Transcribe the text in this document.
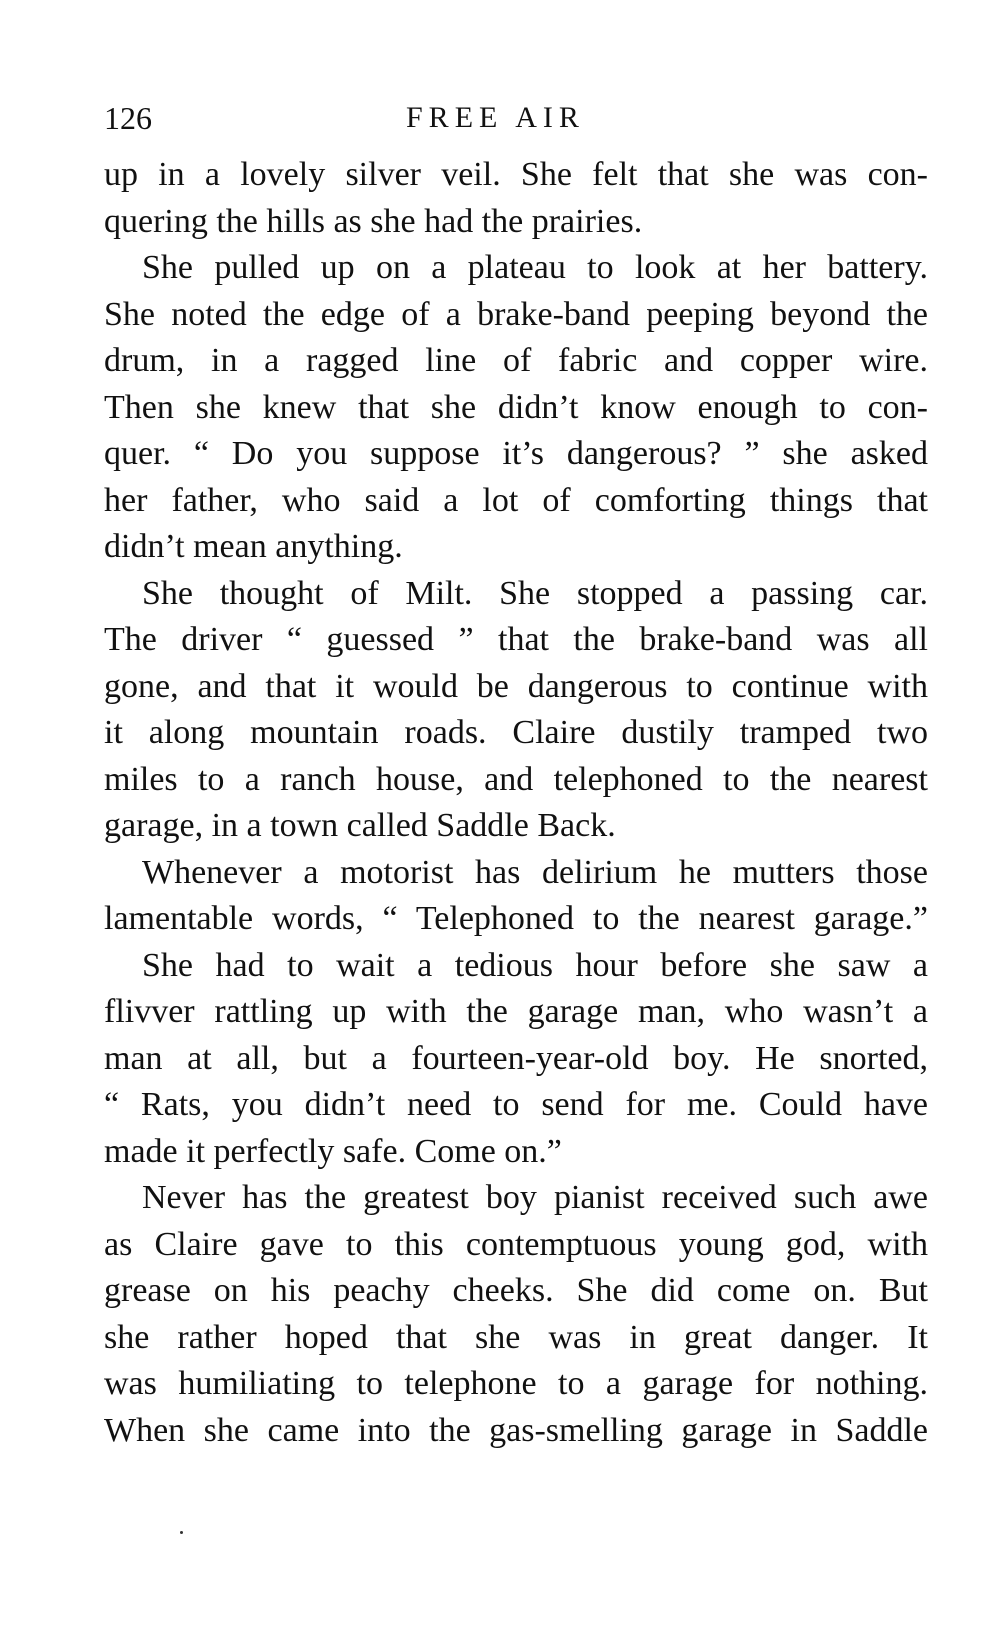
126	FREE AIR
up in a lovely silver veil. She felt that she was con-
quering the hills as she had the prairies.
She pulled up on a plateau to look at her battery.
She noted the edge of a brake-band peeping beyond the
drum, in a ragged line of fabric and copper wire.
Then she knew that she didn’t know enough to con-
quer. “ Do you suppose it’s dangerous? ” she asked
her father, who said a lot of comforting things that
didn’t mean anything.
She thought of Milt. She stopped a passing car.
The driver “ guessed ” that the brake-band was all
gone, and that it would be dangerous to continue with
it along mountain roads. Claire dustily tramped two
miles to a ranch house, and telephoned to the nearest
garage, in a town called Saddle Back.
Whenever a motorist has delirium he mutters those
lamentable words, “ Telephoned to the nearest garage.”
She had to wait a tedious hour before she saw a
flivver rattling up with the garage man, who wasn’t a
man at all, but a fourteen-year-old boy. He snorted,
“ Rats, you didn’t need to send for me. Could have
made it perfectly safe. Come on.”
Never has the greatest boy pianist received such awe
as Claire gave to this contemptuous young god, with
grease on his peachy cheeks. She did come on. But
she rather hoped that she was in great danger. It
was humiliating to telephone to a garage for nothing.
When she came into the gas-smelling garage in Saddle
